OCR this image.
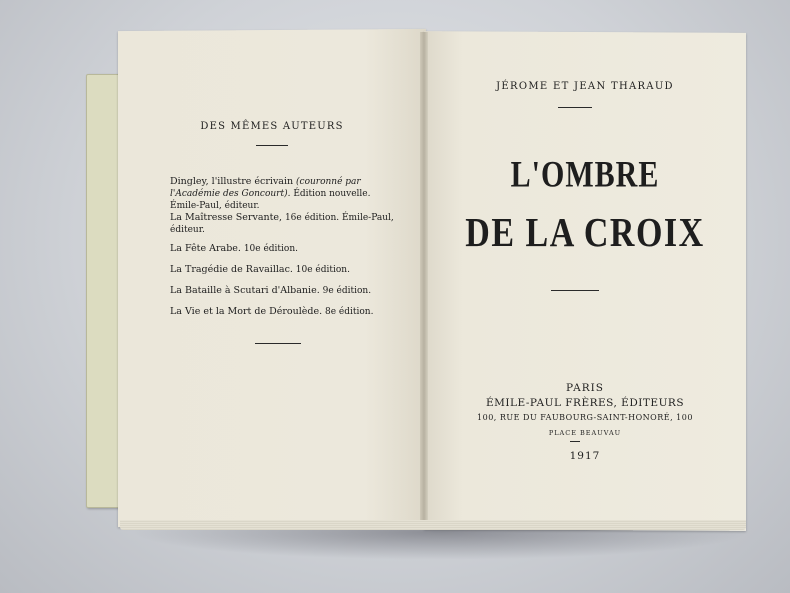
DES MÊMES AUTEURS
Dingley, l'illustre écrivain (couronné par l'Académie des Goncourt). Édition nouvelle. Émile-Paul, éditeur.
La Maîtresse Servante, 16e édition. Émile-Paul, éditeur.
La Fête Arabe. 10e édition.
La Tragédie de Ravaillac. 10e édition.
La Bataille à Scutari d'Albanie. 9e édition.
La Vie et la Mort de Déroulède. 8e édition.
JÉROME ET JEAN THARAUD
L'OMBRE
DE LA CROIX
PARIS
ÉMILE-PAUL FRÈRES, ÉDITEURS
100, RUE DU FAUBOURG-SAINT-HONORÉ, 100
PLACE BEAUVAU
1917
